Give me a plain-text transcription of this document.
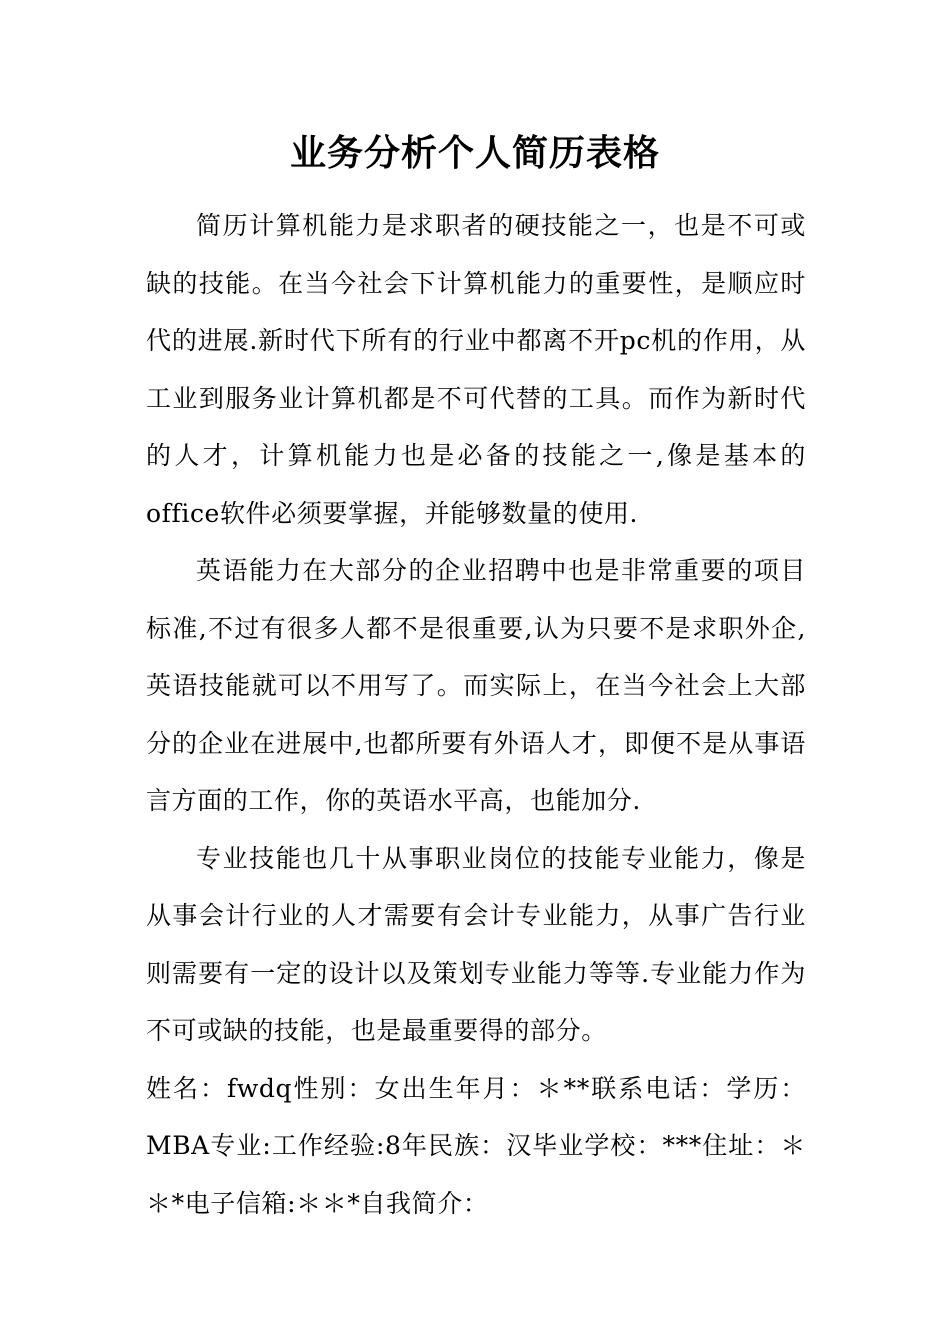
业务分析个人简历表格

简历计算机能力是求职者的硬技能之一，也是不可或缺的技能。在当今社会下计算机能力的重要性，是顺应时代的进展.新时代下所有的行业中都离不开pc机的作用，从工业到服务业计算机都是不可代替的工具。而作为新时代的人才，计算机能力也是必备的技能之一,像是基本的office软件必须要掌握，并能够数量的使用.

英语能力在大部分的企业招聘中也是非常重要的项目标准,不过有很多人都不是很重要,认为只要不是求职外企,英语技能就可以不用写了。而实际上，在当今社会上大部分的企业在进展中,也都所要有外语人才，即便不是从事语言方面的工作，你的英语水平高，也能加分.

专业技能也几十从事职业岗位的技能专业能力，像是从事会计行业的人才需要有会计专业能力，从事广告行业则需要有一定的设计以及策划专业能力等等.专业能力作为不可或缺的技能，也是最重要得的部分。

姓名：fwdq性别：女出生年月：＊**联系电话：学历：MBA专业:工作经验:8年民族：汉毕业学校：***住址：＊＊*电子信箱:＊＊*自我简介：
